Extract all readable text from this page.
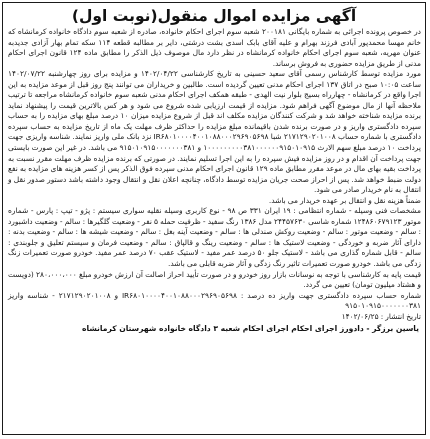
آگهی مزایده اموال منقول(نوبت اول)

در خصوص پرونده اجرائی به شماره بایگانی ۲۰۰۱۸۱ شعبه سوم اجرای احکام خانواده، صادره از شعبه سوم دادگاه خانواده کرمانشاه که خانم مهسا محمدپور آبادی فرزند بهرام و علیه آقای بابک اسدی بشت درشتی، دایر بر مطالبه قطعه ۱۱۴ سکه تمام بهار آزادی جدیدبه عنوان مهریه، شعبه سوم اجرای احکام خانواده کرمانشاه در نظر دارد مال موصوف ذیل الذکر را مطابق ماده ۱۲۴ قانون اجرای احکام مدنی از طریق مزایده حضوری به فروش برساند.

مورد مزایده توسط کارشناس رسمی آقای سعید حسینی به تاریخ کارشناسی ۱۴۰۲/۰۴/۲۲ و مزایده برای روز چهارشنبه ۱۴۰۲/۰۷/۲۲ ساعت ۱۰:۰۵ صبح در اتاق ۱۳۷ اجرای احکام مدنی تعیین گردیده است. طالبین و خریداران می توانند پنج روز قبل از موعد مزایده به این اجرا واقع در کرمانشاه - چهارراه بسیج بلوار نیت الهدی - طبقه همکف اجرای احکام مدنی شعبه سوم خانواده کرمانشاه مراجعه تا ترتیب ملاحظه آنها از مال موضوع آگهی فراهم شود. مزایده از قیمت ارزیابی شده شروع می شود و هر کس بالاترین قیمت را پیشنهاد نماید برنده مزایده شناخته خواهد شد و شرکت کنندگان مزایده مکلف اند قبل از شروع مزایده میزان ۱۰ درصد مبلغ بهای مزایده را به حساب سپرده دادگستری واریز و در صورت برنده شدن باقیمانده مبلغ مزایده را حداکثر ظرف مهلت یک ماه از تاریخ مزایده به حساب سپرده دادگستری با شماره حساب ۲۱۷۱۲۹۰۲۰۱۰۰۸ شبا IR۶۸۰۱۰۰۰۰۴۰۰۱۰۸۸۰۰۰۲۹۶۹۰۵۶۹۸ نزد بانک ملی واریز نمایند. شناسه واریزی جهت پرداخت ۱۰ درصد مبلغ سهم الارث ۱۰۰۰۰۰۰۰۰۰۳۸۱۰۰۰۰۰۰۹۱۵۰۱۰۹۱۵ و ۹۱۵۰۱۰۹۱۵۰۰۰۰۰۰۰۳۸۱ می باشد. در غیر این صورت بایستی جهت پرداخت آن اقدام و در روز مزایده فیش سپرده را به این اجرا تسلیم نمایند. در صورتی که برنده مزایده ظرف مهلت مقرر نسبت به پرداخت بقیه بهای مال در موعد مقرر مطابق ماده ۱۲۹ قانون اجرای احکام مدنی سپرده فوق الذکر پس از کسر هزینه های مزایده به نفع دولت ضبط خواهد شد. پس از احراز صحت جریان مزایده توسط دادگاه، چنانچه اعلان نقل و انتقال وجود داشته باشد دستور صدور نقل و انتقال به نام خریدار صادر می شود.

ضمناً هزینه نقل و انتقال بر عهده خریدار می باشد.

مشخصات فنی وسیله - شماره انتظامی : ۱۹ ایران ۳۳۱ ص ۹۸ - نوع کاربری وسیله نقلیه سواری سیستم : پژو - تیپ : پارس - شماره موتور ۱۲۴۸۶۰۶۷۹۱۲۳ شماره شاسی ۲۴۴۵۷۶۳۰ مدل ۱۳۸۶ رنگ سفید - ظرفیت حمله ۵ نفر - وضعیت گلگیرها : سالم - وضعیت داشبورد : سالم - وضعیت موتور : سالم - وضعیت روکش صندلی ها : سالم - وضعیت آینه بغل : سالم - وضعیت شیشه ها : سالم - وضعیت بدنه : دارای آثار ضربه و خوردگی - وضعیت لاستیک ها : سالم - وضعیت رینگ و قالپاق : سالم - وضعیت فرمان و سیستم تعلیق و جلوبندی : سالم - قابل شماره گذاری می باشد - لاستیک جلو ۵۰ درصد عمر مفید - لاستیک عقب ۷۰ درصد عمر مفید. خودرو صورت تعمیرات زنگ زدگی می باشد. خودرو صورت تعمیرات تاثیر رنگ زدگی و آثار ضربه قابلی می باشد.

قیمت پایه به کارشناسی با توجه به نوسانات بازار روز خودرو و در صورت تأیید احراز اصالت آن ارزش خودرو مبلغ ۲۸۰،۰۰۰،۰۰۰ (دویست و هشتاد میلیون تومان) تعیین می گردد.

شماره حساب سپرده دادگستری جهت واریز ده درصد : IR۶۸۰۱۰۰۰۰۴۰۰۱۰۸۸۰۰۰۲۹۶۹۰۵۶۹۸ و ۲۱۷۱۲۹۰۲۰۱۰۰۸ - شناسه واریز ۹۱۵۰۱۰۹۱۵۰۰۰۰۰۰۰۳۸۱

تاریخ انتشار : ۱۴۰۲/۰۶/۲۵

یاسین برزگر - دادورز اجرای احکام اجرای احکام شعبه ۳ دادگاه خانواده شهرستان کرمانشاه
